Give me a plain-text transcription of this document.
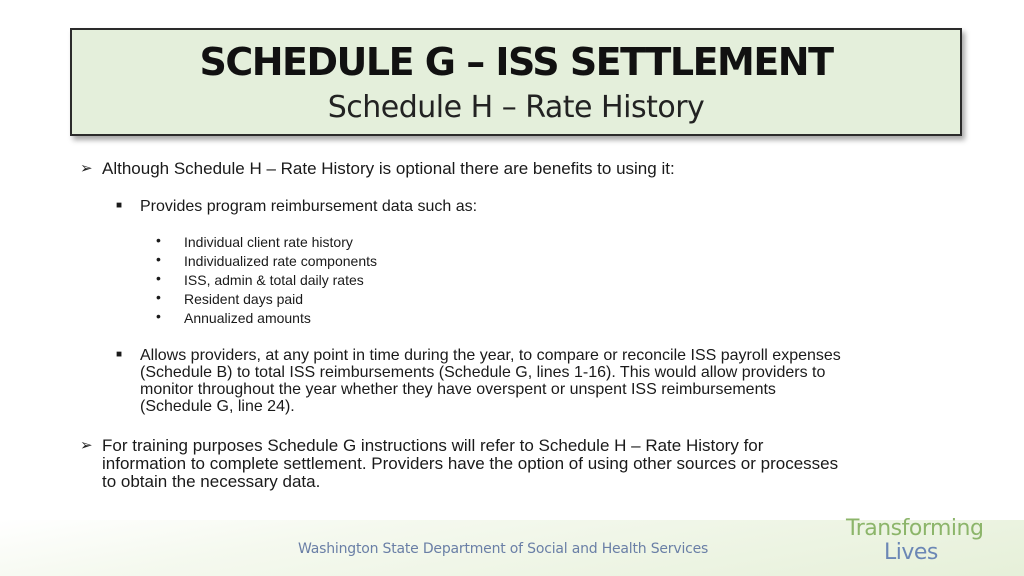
SCHEDULE G – ISS SETTLEMENT
Schedule H – Rate History
➢ Although Schedule H – Rate History is optional there are benefits to using it:
■ Provides program reimbursement data such as:
• Individual client rate history
• Individualized rate components
• ISS, admin & total daily rates
• Resident days paid
• Annualized amounts
■ Allows providers, at any point in time during the year, to compare or reconcile ISS payroll expenses
(Schedule B) to total ISS reimbursements (Schedule G, lines 1-16). This would allow providers to
monitor throughout the year whether they have overspent or unspent ISS reimbursements
(Schedule G, line 24).
➢ For training purposes Schedule G instructions will refer to Schedule H – Rate History for
information to complete settlement. Providers have the option of using other sources or processes
to obtain the necessary data.
Washington State Department of Social and Health Services
Transforming
Lives
